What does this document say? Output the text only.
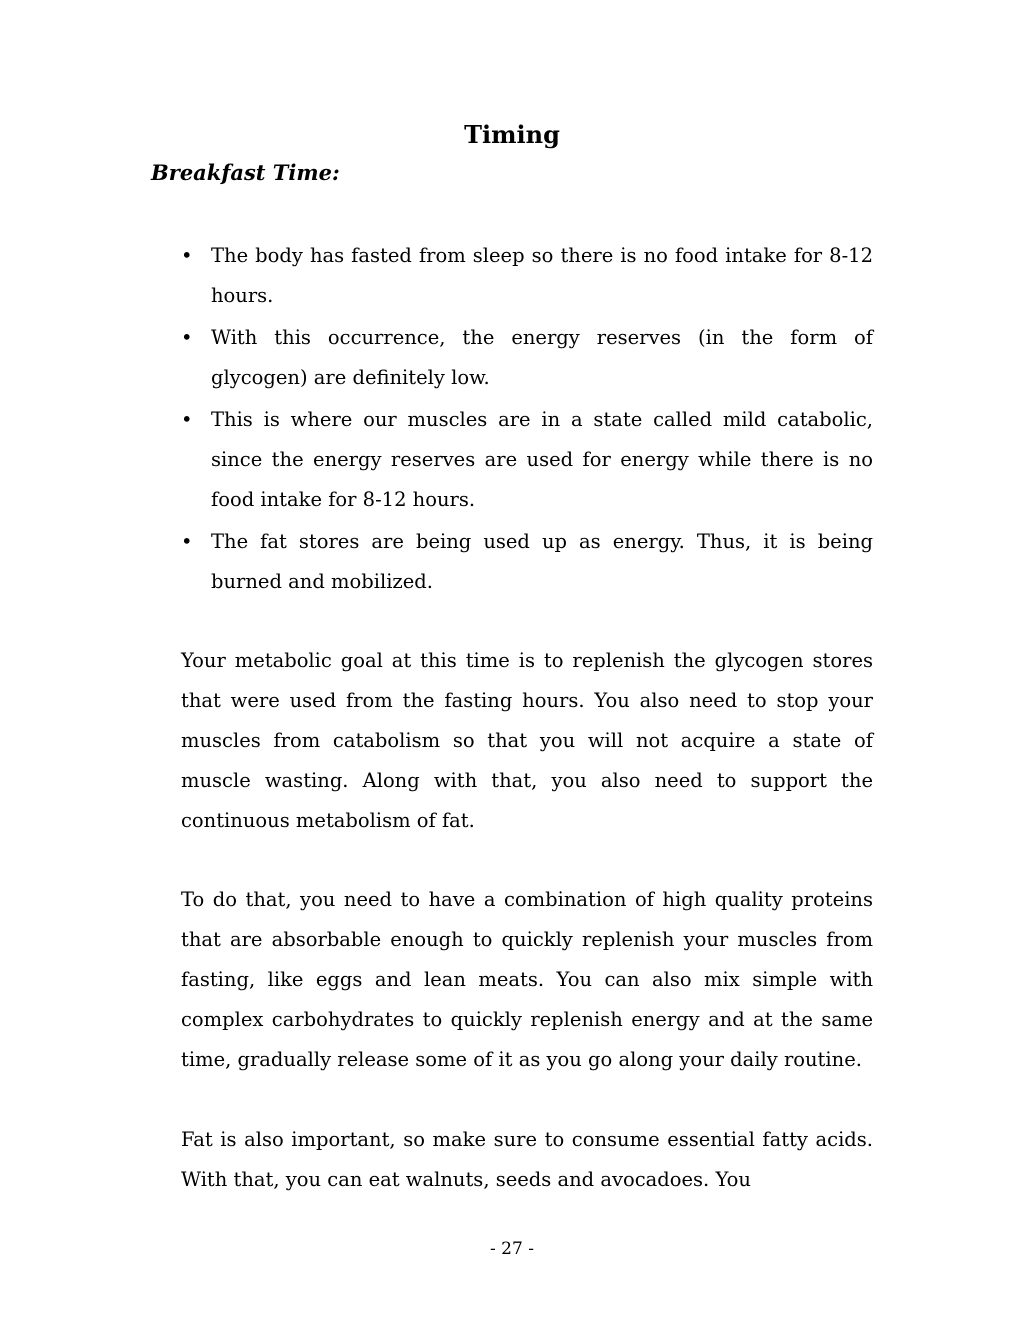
Timing
Breakfast Time:
• The body has fasted from sleep so there is no food intake for 8-12 hours.
• With this occurrence, the energy reserves (in the form of glycogen) are definitely low.
• This is where our muscles are in a state called mild catabolic, since the energy reserves are used for energy while there is no food intake for 8-12 hours.
• The fat stores are being used up as energy. Thus, it is being burned and mobilized.

Your metabolic goal at this time is to replenish the glycogen stores that were used from the fasting hours. You also need to stop your muscles from catabolism so that you will not acquire a state of muscle wasting. Along with that, you also need to support the continuous metabolism of fat.

To do that, you need to have a combination of high quality proteins that are absorbable enough to quickly replenish your muscles from fasting, like eggs and lean meats. You can also mix simple with complex carbohydrates to quickly replenish energy and at the same time, gradually release some of it as you go along your daily routine.

Fat is also important, so make sure to consume essential fatty acids. With that, you can eat walnuts, seeds and avocadoes. You

- 27 -
